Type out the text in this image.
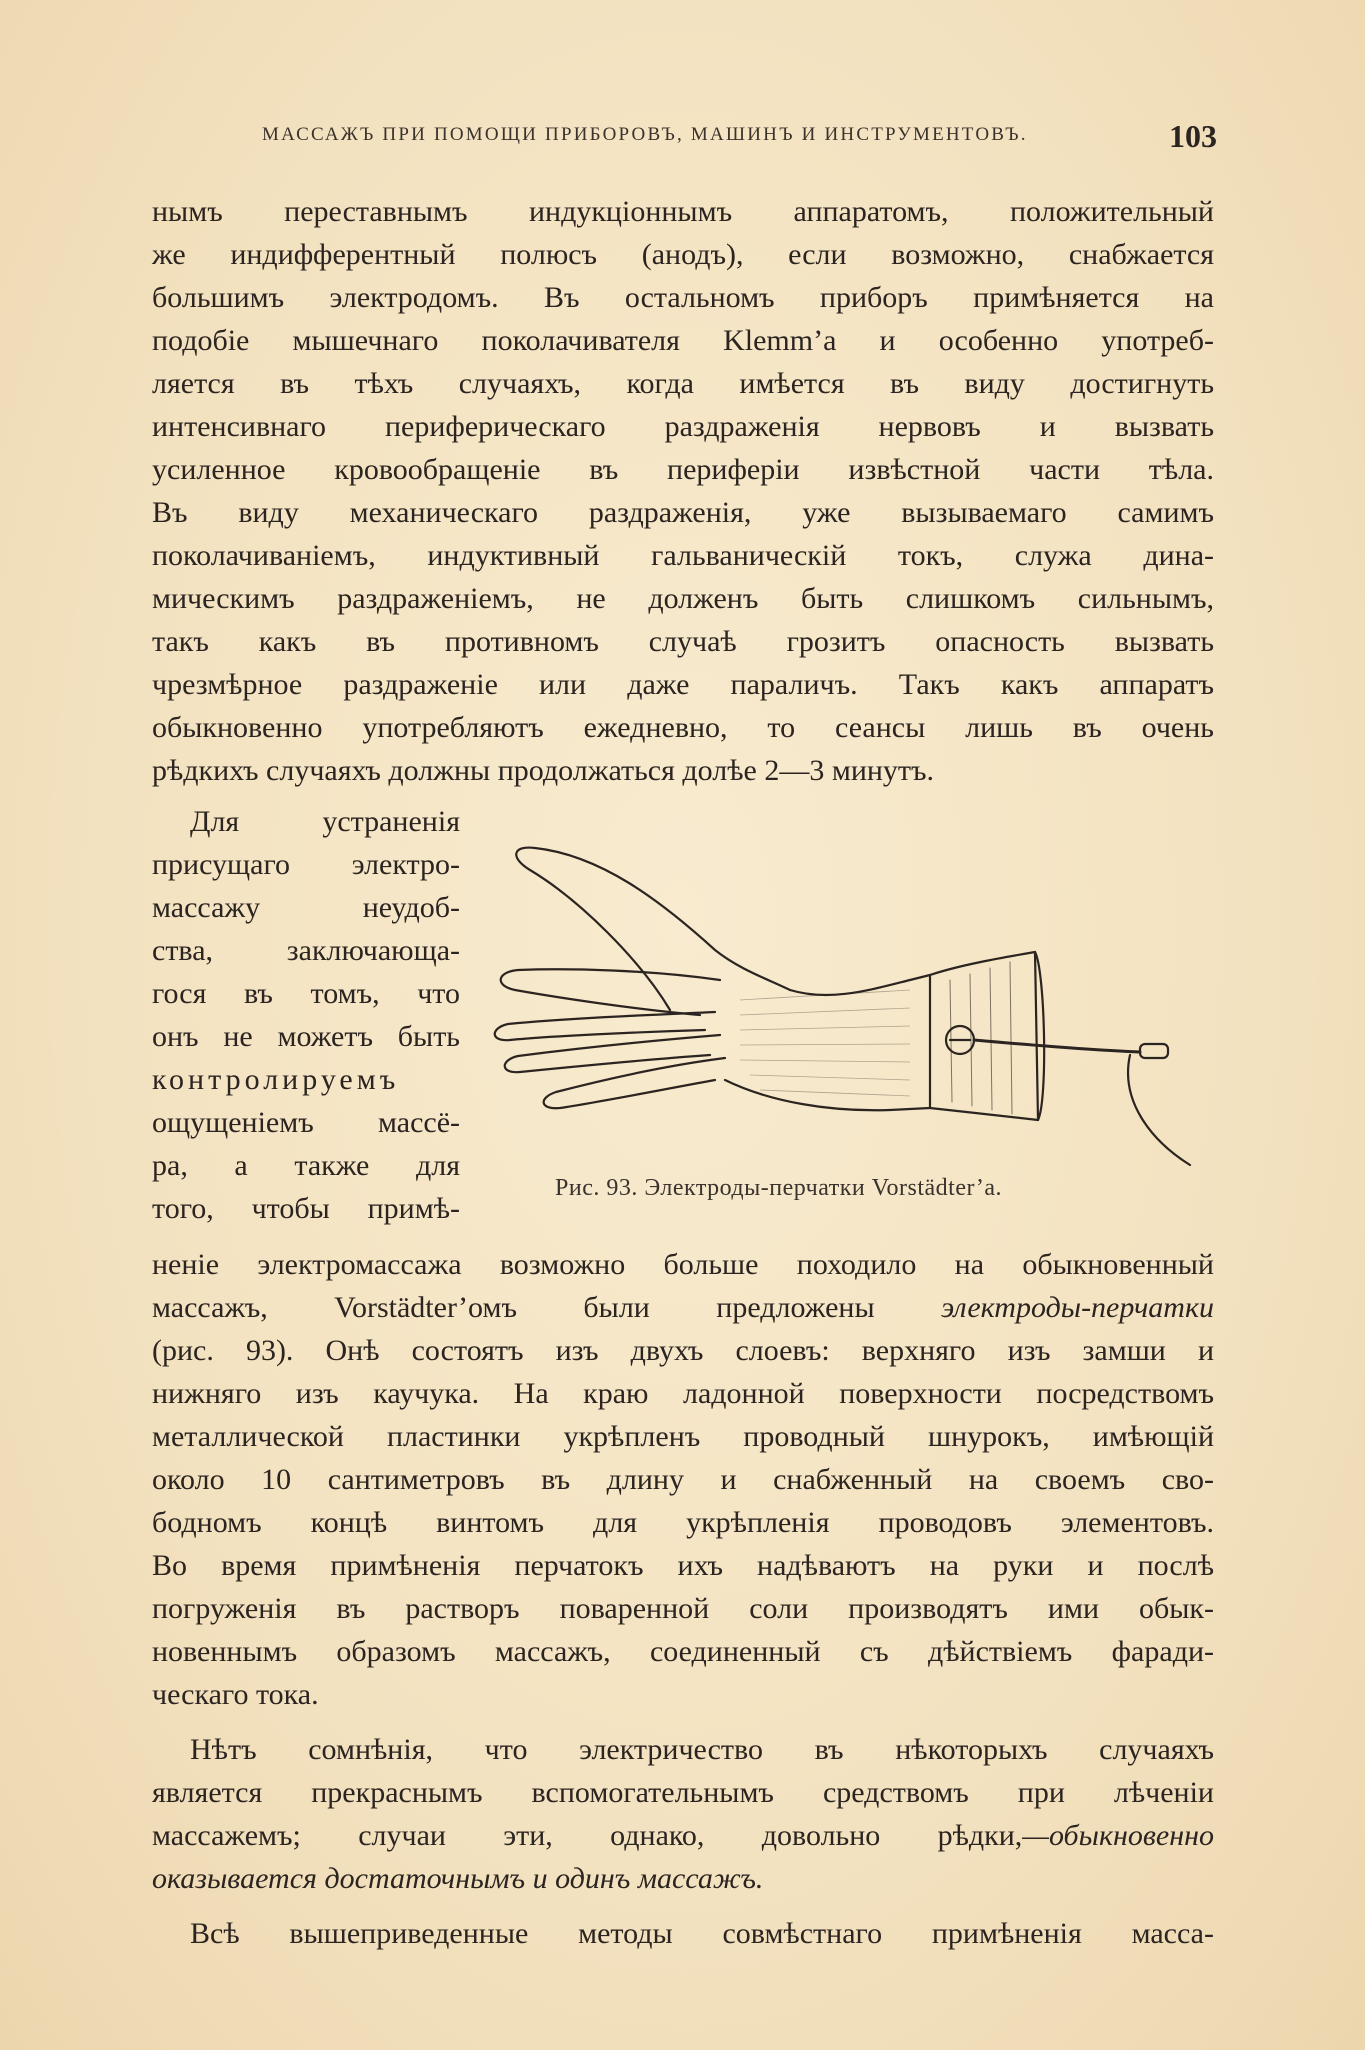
МАССАЖЪ ПРИ ПОМОЩИ ПРИБОРОВЪ, МАШИНЪ И ИНСТРУМЕНТОВЪ.	103

нымъ переставнымъ индукціоннымъ аппаратомъ, положительный

же индифферентный полюсъ (анодъ), если возможно, снабжается

большимъ электродомъ. Въ остальномъ приборъ примѣняется на

подобіе мышечнаго поколачивателя Klemm’а и особенно употреб-

ляется въ тѣхъ случаяхъ, когда имѣется въ виду достигнуть

интенсивнаго периферическаго раздраженія нервовъ и вызвать

усиленное кровообращеніе въ периферіи извѣстной части тѣла.

Въ виду механическаго раздраженія, уже вызываемаго самимъ

поколачиваніемъ, индуктивный гальваническій токъ, служа дина-

мическимъ раздраженіемъ, не долженъ быть слишкомъ сильнымъ,

такъ какъ въ противномъ случаѣ грозитъ опасность вызвать

чрезмѣрное раздраженіе или даже параличъ. Такъ какъ аппаратъ

обыкновенно употребляютъ ежедневно, то сеансы лишь въ очень

рѣдкихъ случаяхъ должны продолжаться долѣе 2—3 минутъ.

Для устраненія

присущаго электро-

массажу неудоб-

ства, заключающа-

гося въ томъ, что

онъ не можетъ быть

контролируемъ

ощущеніемъ массё-

ра, а также для

того, чтобы примѣ-

Рис. 93. Электроды-перчатки Vorstädter’а.

неніе электромассажа возможно больше походило на обыкновенный

массажъ, Vorstädter’омъ были предложены электроды-перчатки

(рис. 93). Онѣ состоятъ изъ двухъ слоевъ: верхняго изъ замши и

нижняго изъ каучука. На краю ладонной поверхности посредствомъ

металлической пластинки укрѣпленъ проводный шнурокъ, имѣющій

около 10 сантиметровъ въ длину и снабженный на своемъ сво-

бодномъ концѣ винтомъ для укрѣпленія проводовъ элементовъ.

Во время примѣненія перчатокъ ихъ надѣваютъ на руки и послѣ

погруженія въ растворъ поваренной соли производятъ ими обык-

новеннымъ образомъ массажъ, соединенный съ дѣйствіемъ фаради-

ческаго тока.

Нѣтъ сомнѣнія, что электричество въ нѣкоторыхъ случаяхъ

является прекраснымъ вспомогательнымъ средствомъ при лѣченіи

массажемъ; случаи эти, однако, довольно рѣдки,—обыкновенно

оказывается достаточнымъ и одинъ массажъ.

Всѣ вышеприведенные методы совмѣстнаго примѣненія масса-
